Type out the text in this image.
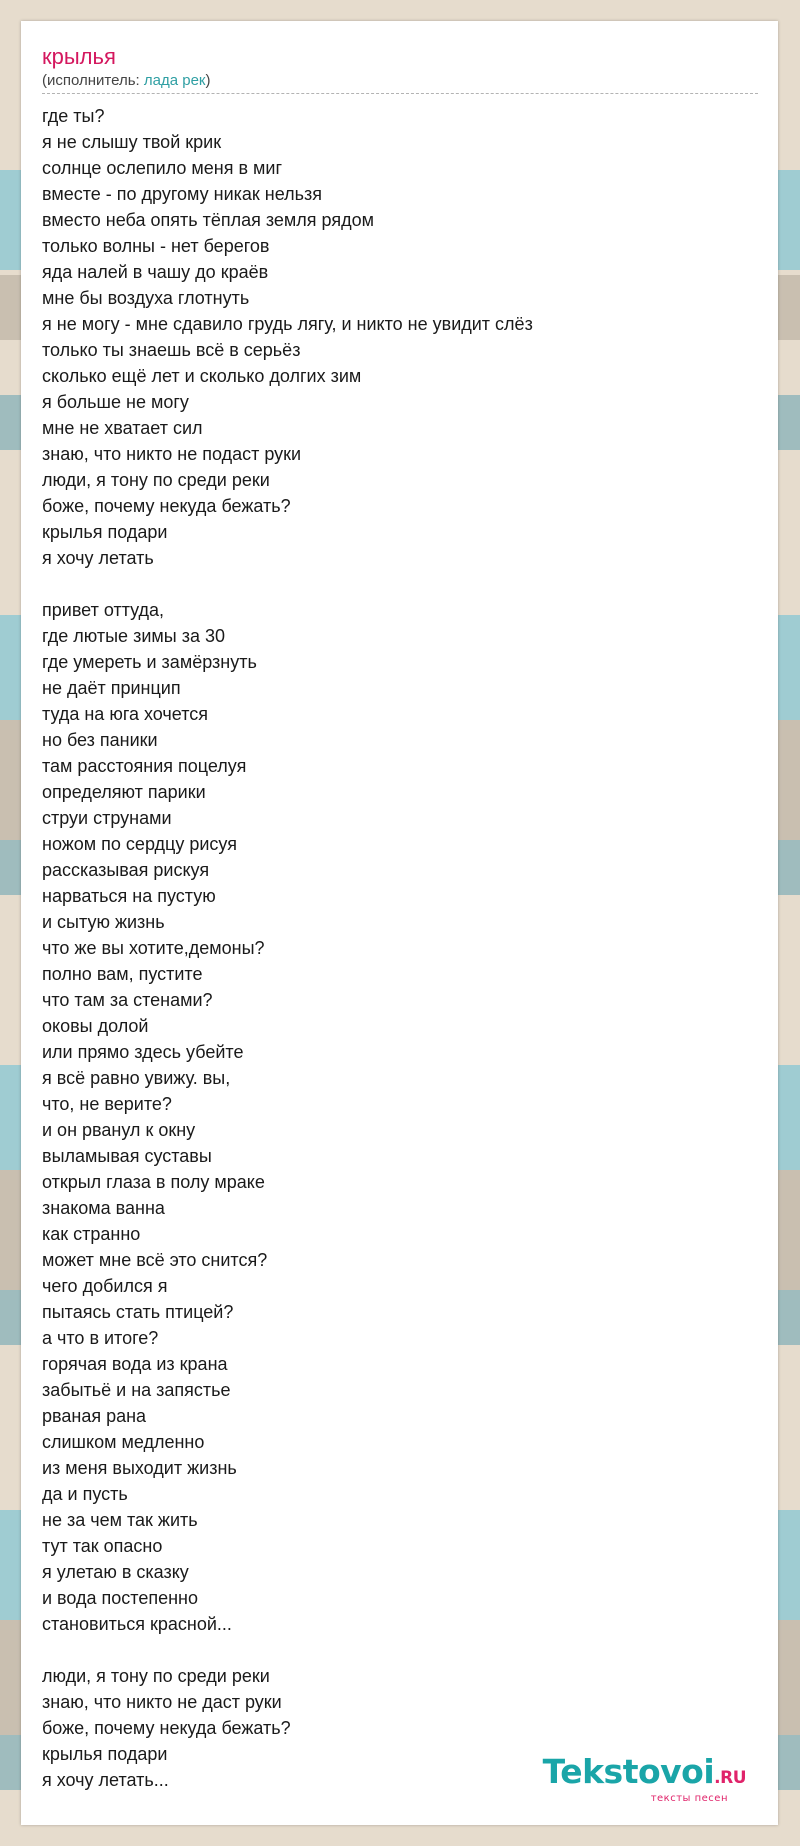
крылья
(исполнитель: лада рек)
где ты?
я не слышу твой крик
солнце ослепило меня в миг
вместе - по другому никак нельзя
вместо неба опять тёплая земля рядом
только волны - нет берегов
яда налей в чашу до краёв
мне бы воздуха глотнуть
я не могу - мне сдавило грудь лягу, и никто не увидит слёз
только ты знаешь всё в серьёз
сколько ещё лет и сколько долгих зим
я больше не могу
мне не хватает сил
знаю, что никто не подаст руки
люди, я тону по среди реки
боже, почему некуда бежать?
крылья подари
я хочу летать
привет оттуда,
где лютые зимы за 30
где умереть и замёрзнуть
не даёт принцип
туда на юга хочется
но без паники
там расстояния поцелуя
определяют парики
струи струнами
ножом по сердцу рисуя
рассказывая рискуя
нарваться на пустую
и сытую жизнь
что же вы хотите,демоны?
полно вам, пустите
что там за стенами?
оковы долой
или прямо здесь убейте
я всё равно увижу. вы,
что, не верите?
и он рванул к окну
выламывая суставы
открыл глаза в полу мраке
знакома ванна
как странно
может мне всё это снится?
чего добился я
пытаясь стать птицей?
а что в итоге?
горячая вода из крана
забытьё и на запястье
рваная рана
слишком медленно
из меня выходит жизнь
да и пусть
не за чем так жить
тут так опасно
я улетаю в сказку
и вода постепенно
становиться красной...
люди, я тону по среди реки
знаю, что никто не даст руки
боже, почему некуда бежать?
крылья подари
я хочу летать...	Tekstovoi.RU
тексты песен
